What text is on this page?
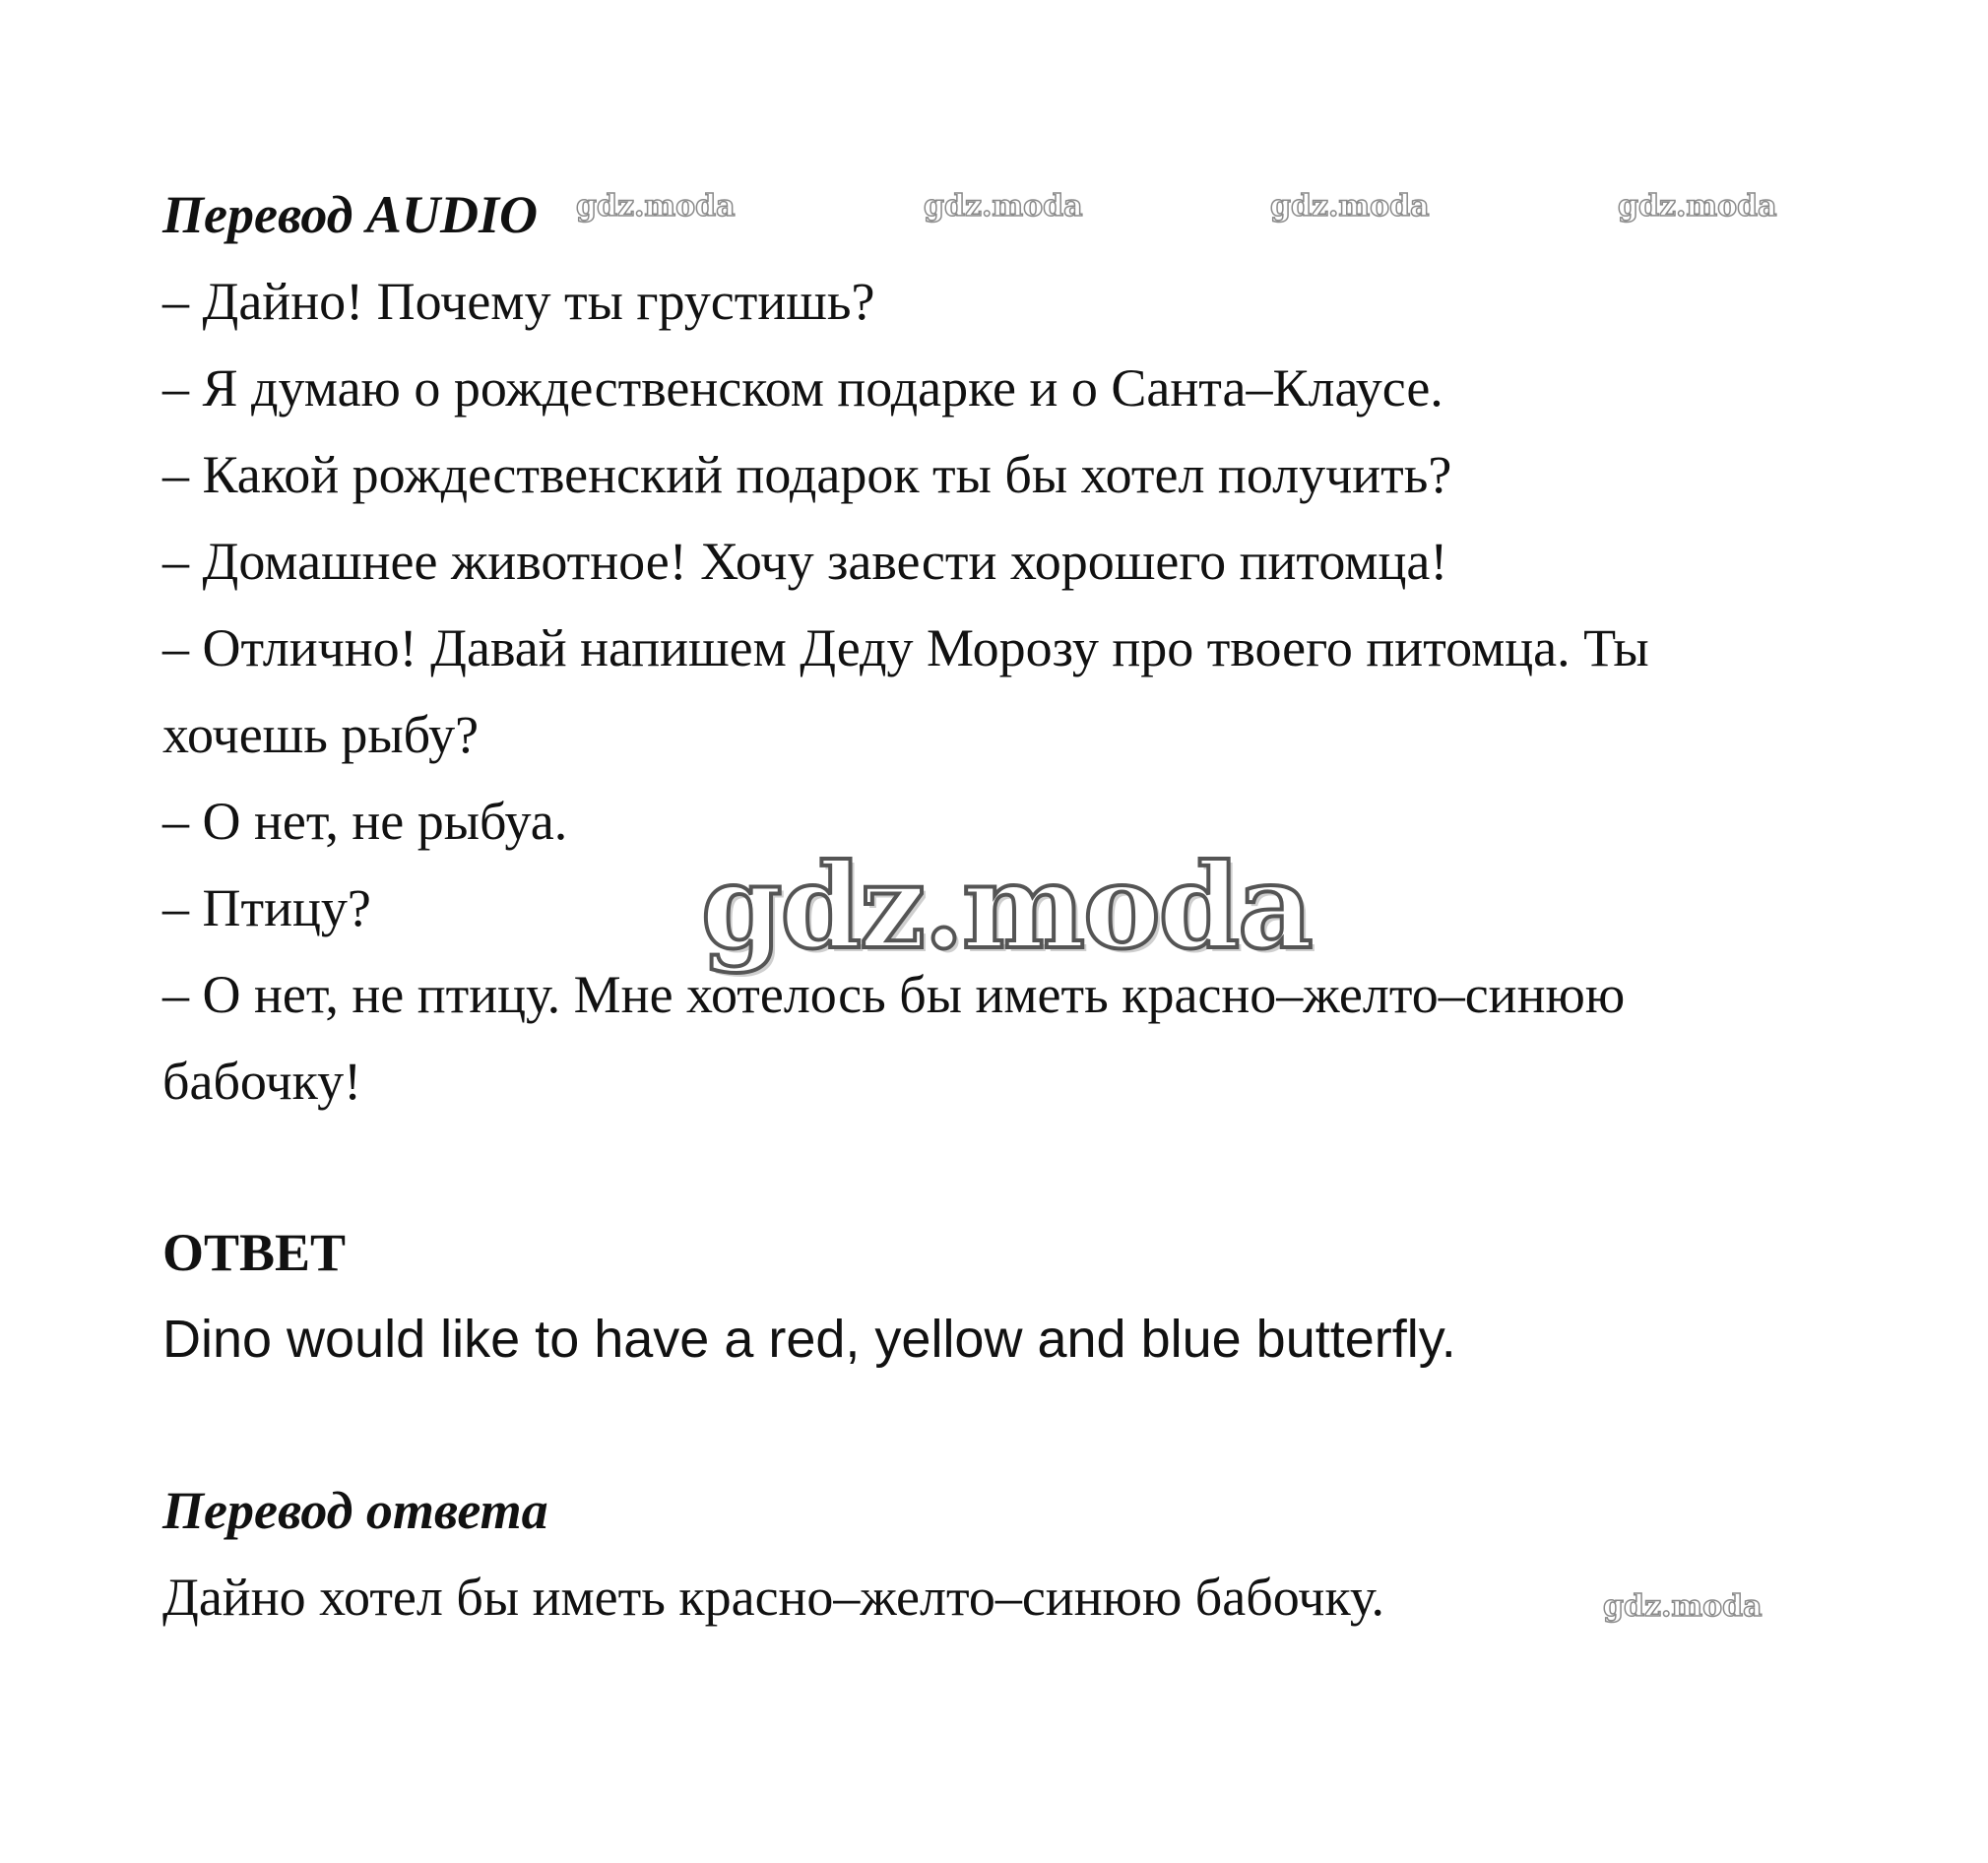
Перевод AUDIO
– Дайно! Почему ты грустишь?
– Я думаю о рождественском подарке и о Санта–Клаусе.
– Какой рождественский подарок ты бы хотел получить?
– Домашнее животное! Хочу завести хорошего питомца!
– Отлично! Давай напишем Деду Морозу про твоего питомца. Ты
хочешь рыбу?
– О нет, не рыбуа.
– Птицу?
– О нет, не птицу. Мне хотелось бы иметь красно–желто–синюю
бабочку!
ОТВЕТ
Dino would like to have a red, yellow and blue butterfly.
Перевод ответа
Дайно хотел бы иметь красно–желто–синюю бабочку.
gdz.moda	gdz.moda	gdz.moda	gdz.moda
gdz.moda
gdz.moda
